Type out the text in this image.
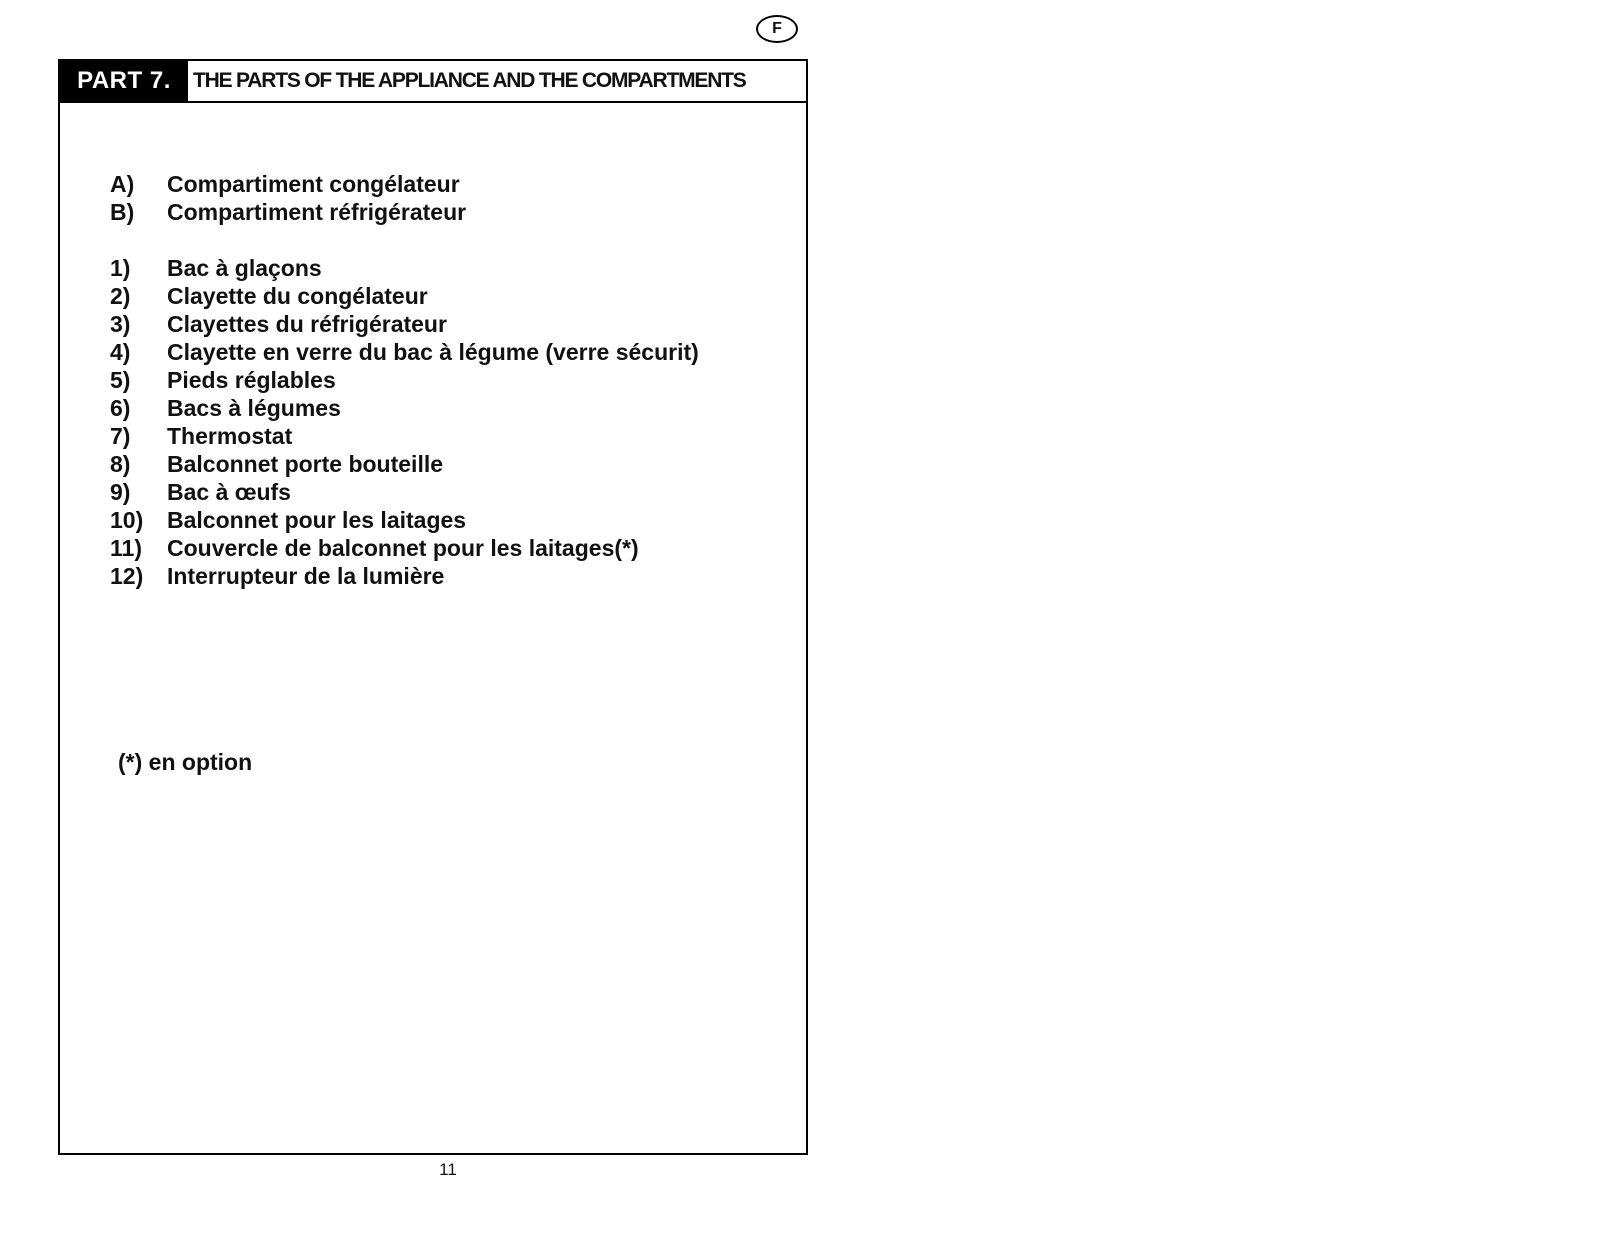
F
PART 7.	THE PARTS OF THE APPLIANCE AND THE COMPARTMENTS
A)	Compartiment congélateur
B)	Compartiment réfrigérateur
1)	Bac à glaçons
2)	Clayette du congélateur
3)	Clayettes du réfrigérateur
4)	Clayette en verre du bac à légume (verre sécurit)
5)	Pieds réglables
6)	Bacs à légumes
7)	Thermostat
8)	Balconnet porte bouteille
9)	Bac à œufs
10)	Balconnet pour les laitages
11)	Couvercle de balconnet pour les laitages(*)
12)	Interrupteur de la lumière
(*) en option
11
